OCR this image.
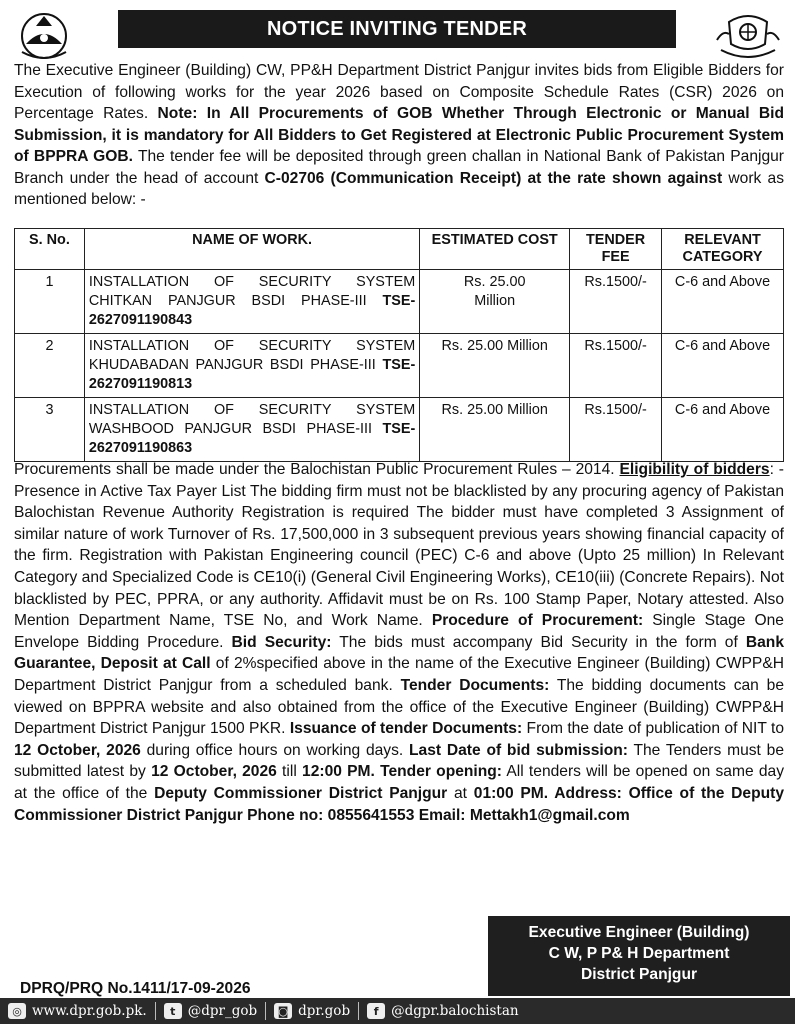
NOTICE INVITING TENDER
The Executive Engineer (Building) CW, PP&H Department District Panjgur invites bids from Eligible Bidders for Execution of following works for the year 2026 based on Composite Schedule Rates (CSR) 2026 on Percentage Rates. Note: In All Procurements of GOB Whether Through Electronic or Manual Bid Submission, it is mandatory for All Bidders to Get Registered at Electronic Public Procurement System of BPPRA GOB. The tender fee will be deposited through green challan in National Bank of Pakistan Panjgur Branch under the head of account C-02706 (Communication Receipt) at the rate shown against work as mentioned below: -
S. No.	NAME OF WORK.	ESTIMATED COST	TENDER FEE	RELEVANT CATEGORY
1	INSTALLATION OF SECURITY SYSTEM CHITKAN PANJGUR BSDI PHASE-III TSE-2627091190843	Rs. 25.00 Million	Rs.1500/-	C-6 and Above
2	INSTALLATION OF SECURITY SYSTEM KHUDABADAN PANJGUR BSDI PHASE-III TSE-2627091190813	Rs. 25.00 Million	Rs.1500/-	C-6 and Above
3	INSTALLATION OF SECURITY SYSTEM WASHBOOD PANJGUR BSDI PHASE-III TSE-2627091190863	Rs. 25.00 Million	Rs.1500/-	C-6 and Above
Procurements shall be made under the Balochistan Public Procurement Rules – 2014. Eligibility of bidders: -Presence in Active Tax Payer List The bidding firm must not be blacklisted by any procuring agency of Pakistan Balochistan Revenue Authority Registration is required The bidder must have completed 3 Assignment of similar nature of work Turnover of Rs. 17,500,000 in 3 subsequent previous years showing financial capacity of the firm. Registration with Pakistan Engineering council (PEC) C-6 and above (Upto 25 million) In Relevant Category and Specialized Code is CE10(i) (General Civil Engineering Works), CE10(iii) (Concrete Repairs). Not blacklisted by PEC, PPRA, or any authority. Affidavit must be on Rs. 100 Stamp Paper, Notary attested. Also Mention Department Name, TSE No, and Work Name. Procedure of Procurement: Single Stage One Envelope Bidding Procedure. Bid Security: The bids must accompany Bid Security in the form of Bank Guarantee, Deposit at Call of 2%specified above in the name of the Executive Engineer (Building) CWPP&H Department District Panjgur from a scheduled bank. Tender Documents: The bidding documents can be viewed on BPPRA website and also obtained from the office of the Executive Engineer (Building) CWPP&H Department District Panjgur 1500 PKR. Issuance of tender Documents: From the date of publication of NIT to 12 October, 2026 during office hours on working days. Last Date of bid submission: The Tenders must be submitted latest by 12 October, 2026 till 12:00 PM. Tender opening: All tenders will be opened on same day at the office of the Deputy Commissioner District Panjgur at 01:00 PM. Address: Office of the Deputy Commissioner District Panjgur Phone no: 0855641553 Email: Mettakh1@gmail.com
Executive Engineer (Building)
C W, P P& H Department
District Panjgur
DPRQ/PRQ No.1411/17-09-2026
◎ www.dpr.gob.pk.	t @dpr_gob	◙ dpr.gob	f @dgpr.balochistan
